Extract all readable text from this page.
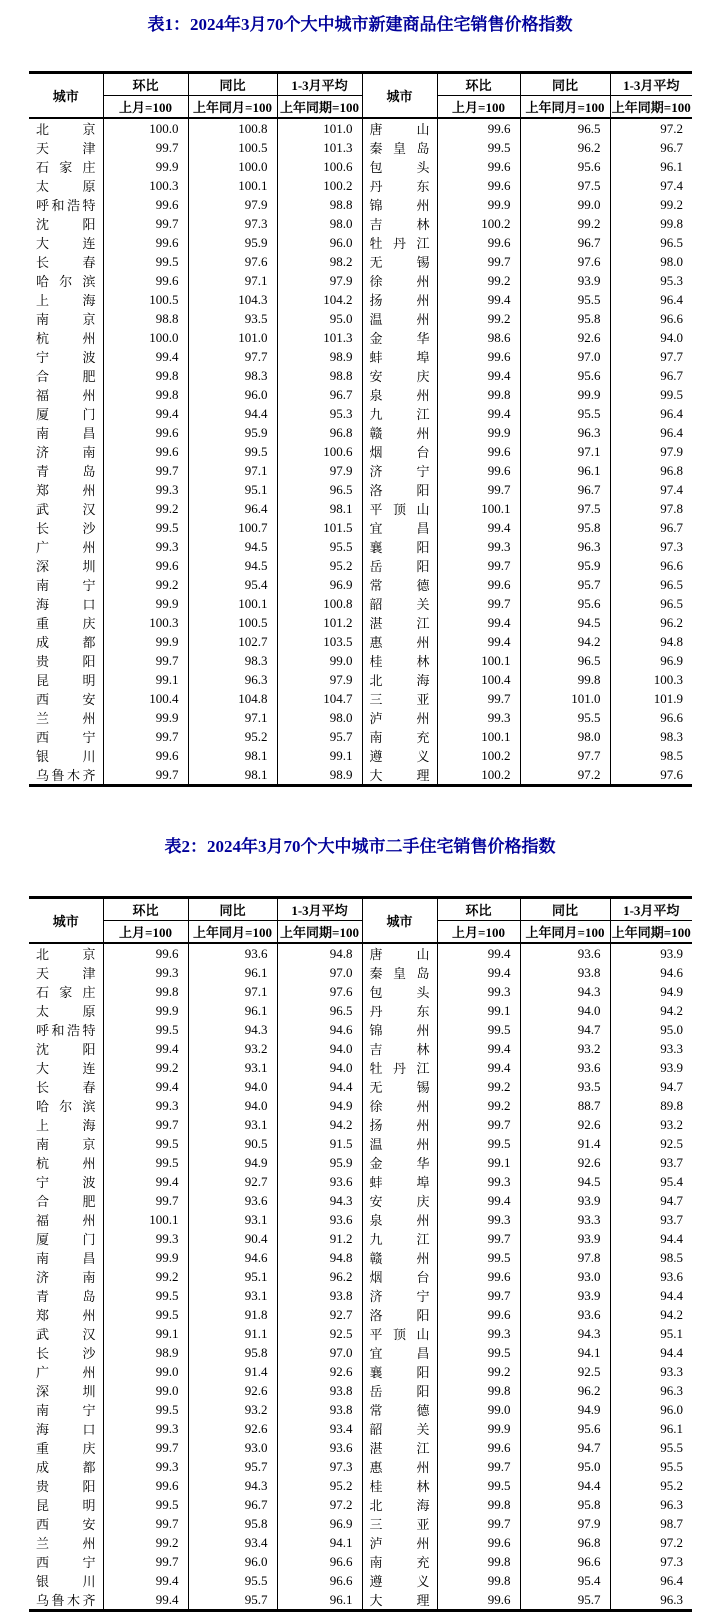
表1：2024年3月70个大中城市新建商品住宅销售价格指数
城市	环比	同比	1-3月平均	城市	环比	同比	1-3月平均
	上月=100	上年同月=100	上年同期=100		上月=100	上年同月=100	上年同期=100
北京	100.0	100.8	101.0	唐山	99.6	96.5	97.2
天津	99.7	100.5	101.3	秦皇岛	99.5	96.2	96.7
石家庄	99.9	100.0	100.6	包头	99.6	95.6	96.1
太原	100.3	100.1	100.2	丹东	99.6	97.5	97.4
呼和浩特	99.6	97.9	98.8	锦州	99.9	99.0	99.2
沈阳	99.7	97.3	98.0	吉林	100.2	99.2	99.8
大连	99.6	95.9	96.0	牡丹江	99.6	96.7	96.5
长春	99.5	97.6	98.2	无锡	99.7	97.6	98.0
哈尔滨	99.6	97.1	97.9	徐州	99.2	93.9	95.3
上海	100.5	104.3	104.2	扬州	99.4	95.5	96.4
南京	98.8	93.5	95.0	温州	99.2	95.8	96.6
杭州	100.0	101.0	101.3	金华	98.6	92.6	94.0
宁波	99.4	97.7	98.9	蚌埠	99.6	97.0	97.7
合肥	99.8	98.3	98.8	安庆	99.4	95.6	96.7
福州	99.8	96.0	96.7	泉州	99.8	99.9	99.5
厦门	99.4	94.4	95.3	九江	99.4	95.5	96.4
南昌	99.6	95.9	96.8	赣州	99.9	96.3	96.4
济南	99.6	99.5	100.6	烟台	99.6	97.1	97.9
青岛	99.7	97.1	97.9	济宁	99.6	96.1	96.8
郑州	99.3	95.1	96.5	洛阳	99.7	96.7	97.4
武汉	99.2	96.4	98.1	平顶山	100.1	97.5	97.8
长沙	99.5	100.7	101.5	宜昌	99.4	95.8	96.7
广州	99.3	94.5	95.5	襄阳	99.3	96.3	97.3
深圳	99.6	94.5	95.2	岳阳	99.7	95.9	96.6
南宁	99.2	95.4	96.9	常德	99.6	95.7	96.5
海口	99.9	100.1	100.8	韶关	99.7	95.6	96.5
重庆	100.3	100.5	101.2	湛江	99.4	94.5	96.2
成都	99.9	102.7	103.5	惠州	99.4	94.2	94.8
贵阳	99.7	98.3	99.0	桂林	100.1	96.5	96.9
昆明	99.1	96.3	97.9	北海	100.4	99.8	100.3
西安	100.4	104.8	104.7	三亚	99.7	101.0	101.9
兰州	99.9	97.1	98.0	泸州	99.3	95.5	96.6
西宁	99.7	95.2	95.7	南充	100.1	98.0	98.3
银川	99.6	98.1	99.1	遵义	100.2	97.7	98.5
乌鲁木齐	99.7	98.1	98.9	大理	100.2	97.2	97.6
表2：2024年3月70个大中城市二手住宅销售价格指数
城市	环比	同比	1-3月平均	城市	环比	同比	1-3月平均
	上月=100	上年同月=100	上年同期=100		上月=100	上年同月=100	上年同期=100
北京	99.6	93.6	94.8	唐山	99.4	93.6	93.9
天津	99.3	96.1	97.0	秦皇岛	99.4	93.8	94.6
石家庄	99.8	97.1	97.6	包头	99.3	94.3	94.9
太原	99.9	96.1	96.5	丹东	99.1	94.0	94.2
呼和浩特	99.5	94.3	94.6	锦州	99.5	94.7	95.0
沈阳	99.4	93.2	94.0	吉林	99.4	93.2	93.3
大连	99.2	93.1	94.0	牡丹江	99.4	93.6	93.9
长春	99.4	94.0	94.4	无锡	99.2	93.5	94.7
哈尔滨	99.3	94.0	94.9	徐州	99.2	88.7	89.8
上海	99.7	93.1	94.2	扬州	99.7	92.6	93.2
南京	99.5	90.5	91.5	温州	99.5	91.4	92.5
杭州	99.5	94.9	95.9	金华	99.1	92.6	93.7
宁波	99.4	92.7	93.6	蚌埠	99.3	94.5	95.4
合肥	99.7	93.6	94.3	安庆	99.4	93.9	94.7
福州	100.1	93.1	93.6	泉州	99.3	93.3	93.7
厦门	99.3	90.4	91.2	九江	99.7	93.9	94.4
南昌	99.9	94.6	94.8	赣州	99.5	97.8	98.5
济南	99.2	95.1	96.2	烟台	99.6	93.0	93.6
青岛	99.5	93.1	93.8	济宁	99.7	93.9	94.4
郑州	99.5	91.8	92.7	洛阳	99.6	93.6	94.2
武汉	99.1	91.1	92.5	平顶山	99.3	94.3	95.1
长沙	98.9	95.8	97.0	宜昌	99.5	94.1	94.4
广州	99.0	91.4	92.6	襄阳	99.2	92.5	93.3
深圳	99.0	92.6	93.8	岳阳	99.8	96.2	96.3
南宁	99.5	93.2	93.8	常德	99.0	94.9	96.0
海口	99.3	92.6	93.4	韶关	99.9	95.6	96.1
重庆	99.7	93.0	93.6	湛江	99.6	94.7	95.5
成都	99.3	95.7	97.3	惠州	99.7	95.0	95.5
贵阳	99.6	94.3	95.2	桂林	99.5	94.4	95.2
昆明	99.5	96.7	97.2	北海	99.8	95.8	96.3
西安	99.7	95.8	96.9	三亚	99.7	97.9	98.7
兰州	99.2	93.4	94.1	泸州	99.6	96.8	97.2
西宁	99.7	96.0	96.6	南充	99.8	96.6	97.3
银川	99.4	95.5	96.6	遵义	99.8	95.4	96.4
乌鲁木齐	99.4	95.7	96.1	大理	99.6	95.7	96.3
